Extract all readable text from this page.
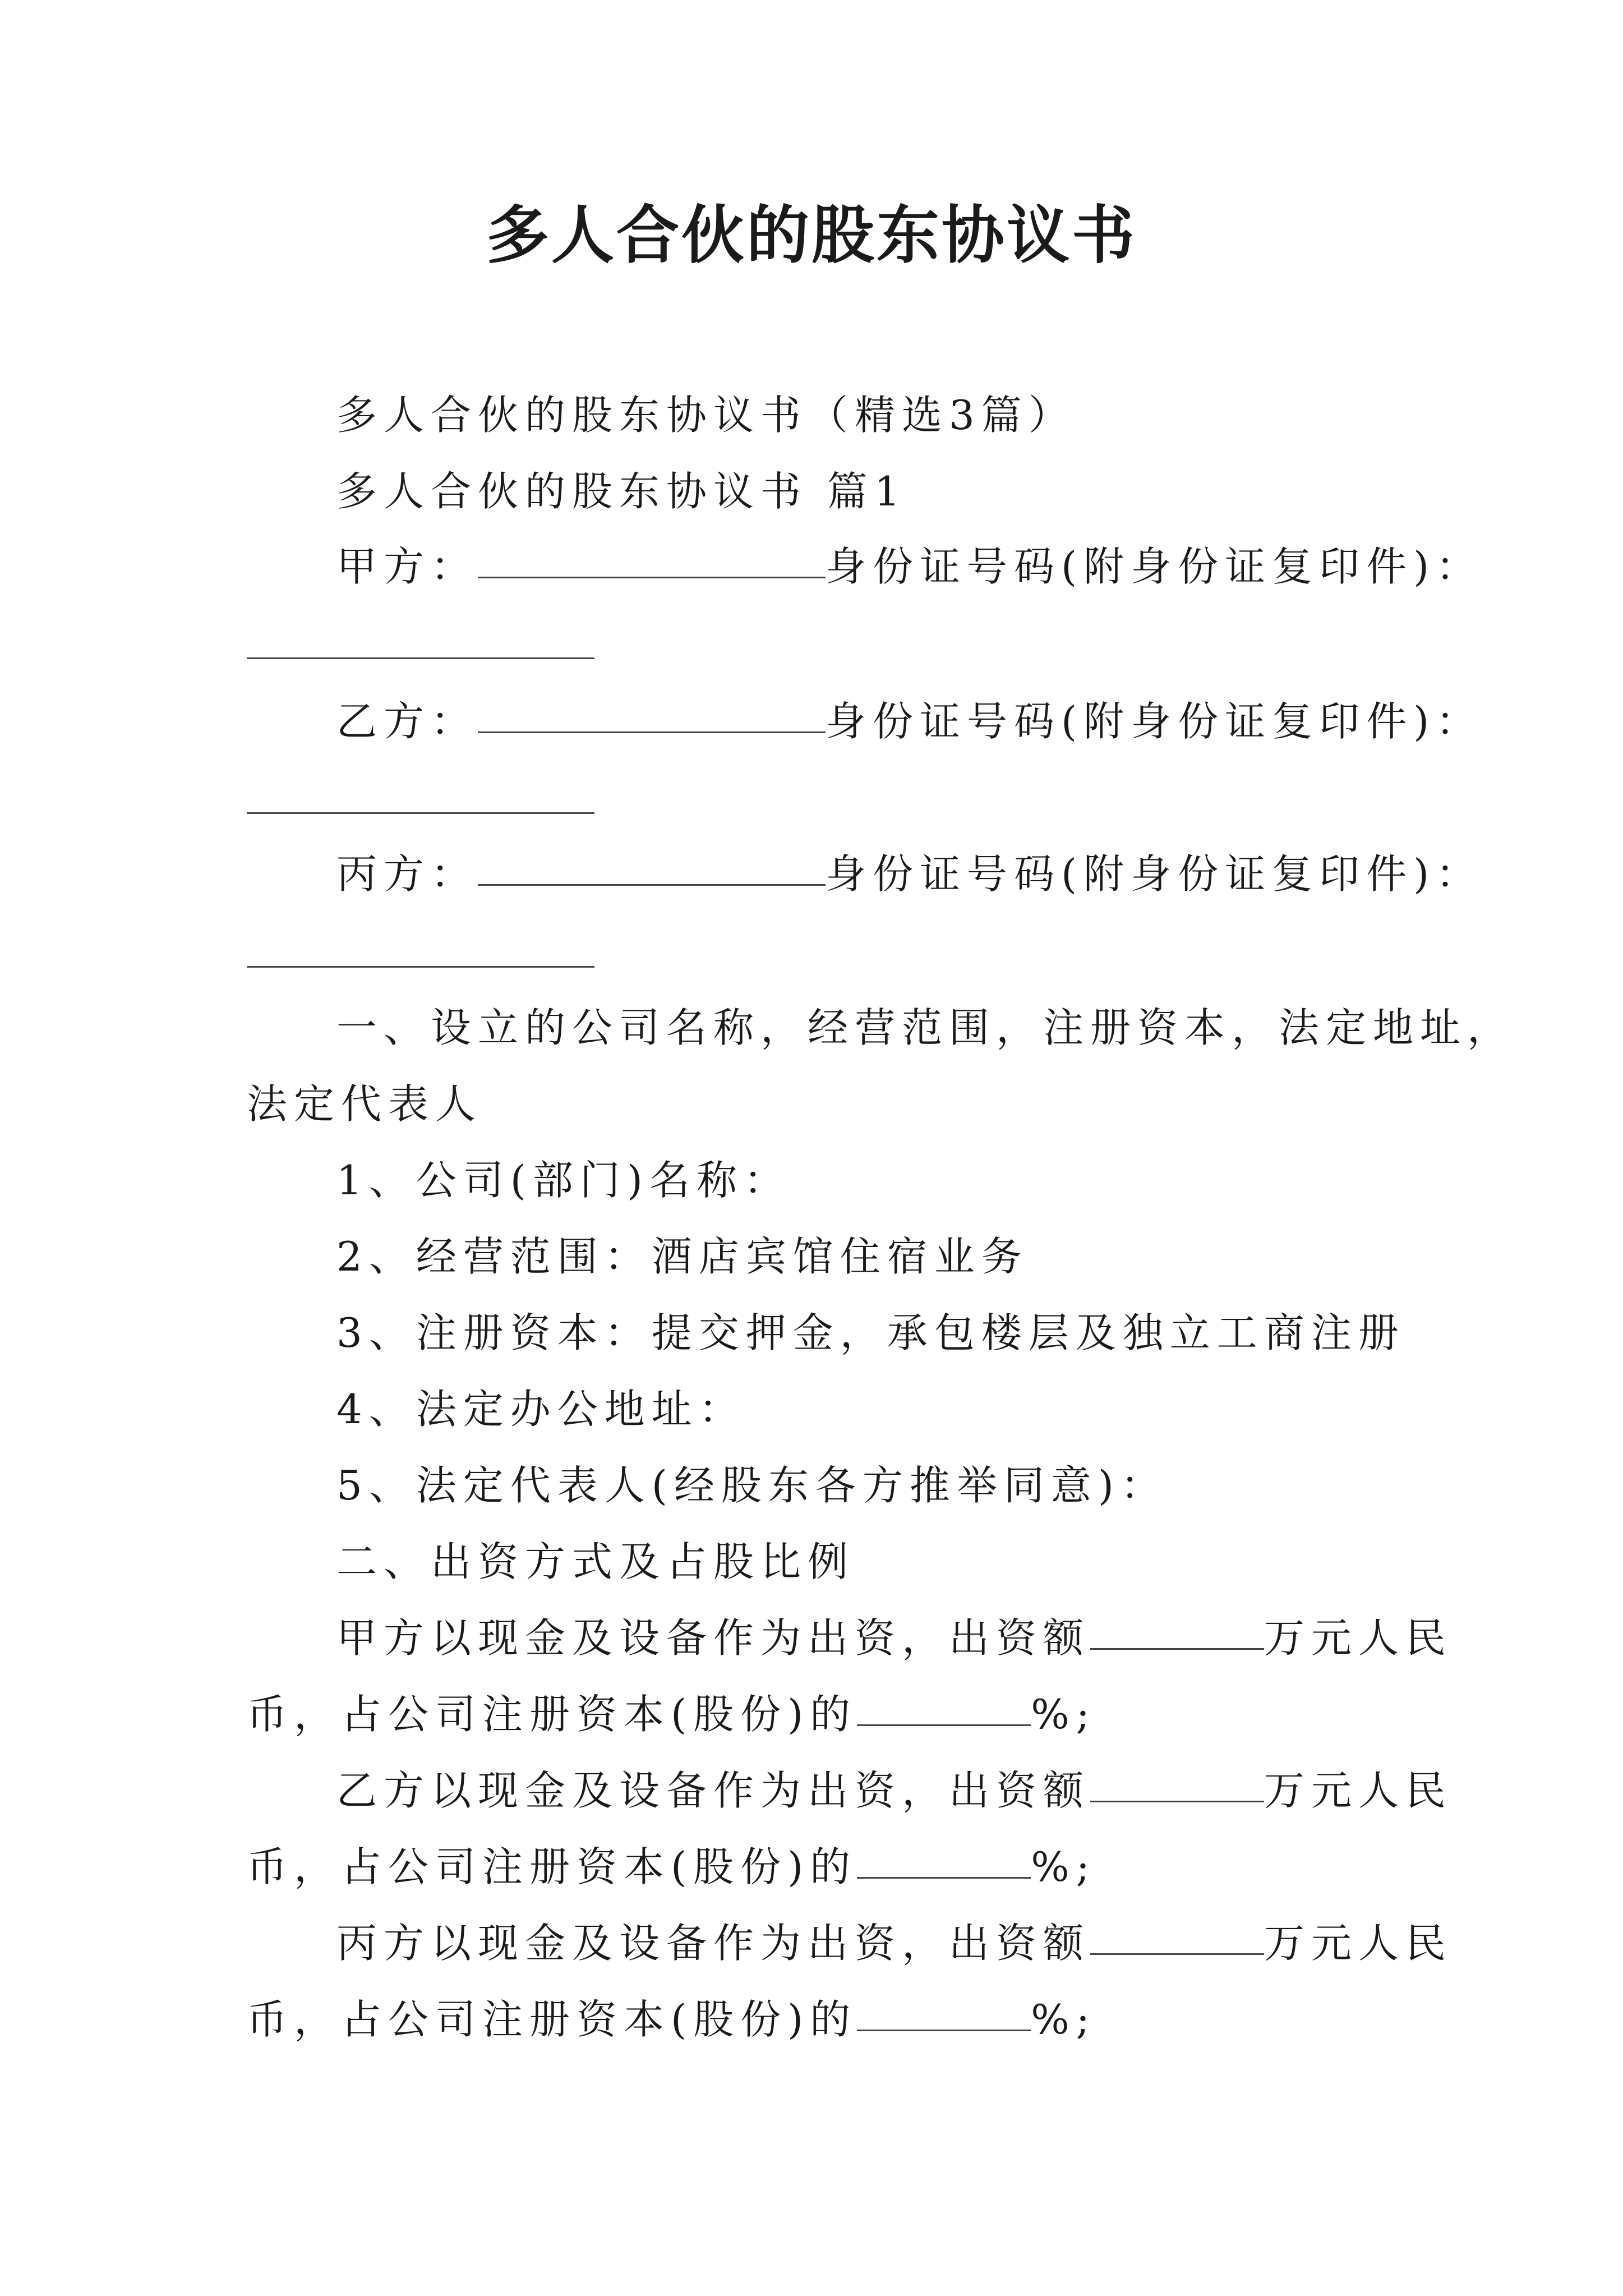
多人合伙的股东协议书
多人合伙的股东协议书（精选3篇）
多人合伙的股东协议书 篇1
甲方：	身份证号码(附身份证复印件)：
乙方：	身份证号码(附身份证复印件)：
丙方：	身份证号码(附身份证复印件)：
一、设立的公司名称，经营范围，注册资本，法定地址，
法定代表人
1、公司(部门)名称：
2、经营范围：酒店宾馆住宿业务
3、注册资本：提交押金，承包楼层及独立工商注册
4、法定办公地址：
5、法定代表人(经股东各方推举同意)：
二、出资方式及占股比例
甲方以现金及设备作为出资，出资额	万元人民
币，占公司注册资本(股份)的	%;
乙方以现金及设备作为出资，出资额	万元人民
币，占公司注册资本(股份)的	%;
丙方以现金及设备作为出资，出资额	万元人民
币，占公司注册资本(股份)的	%;
